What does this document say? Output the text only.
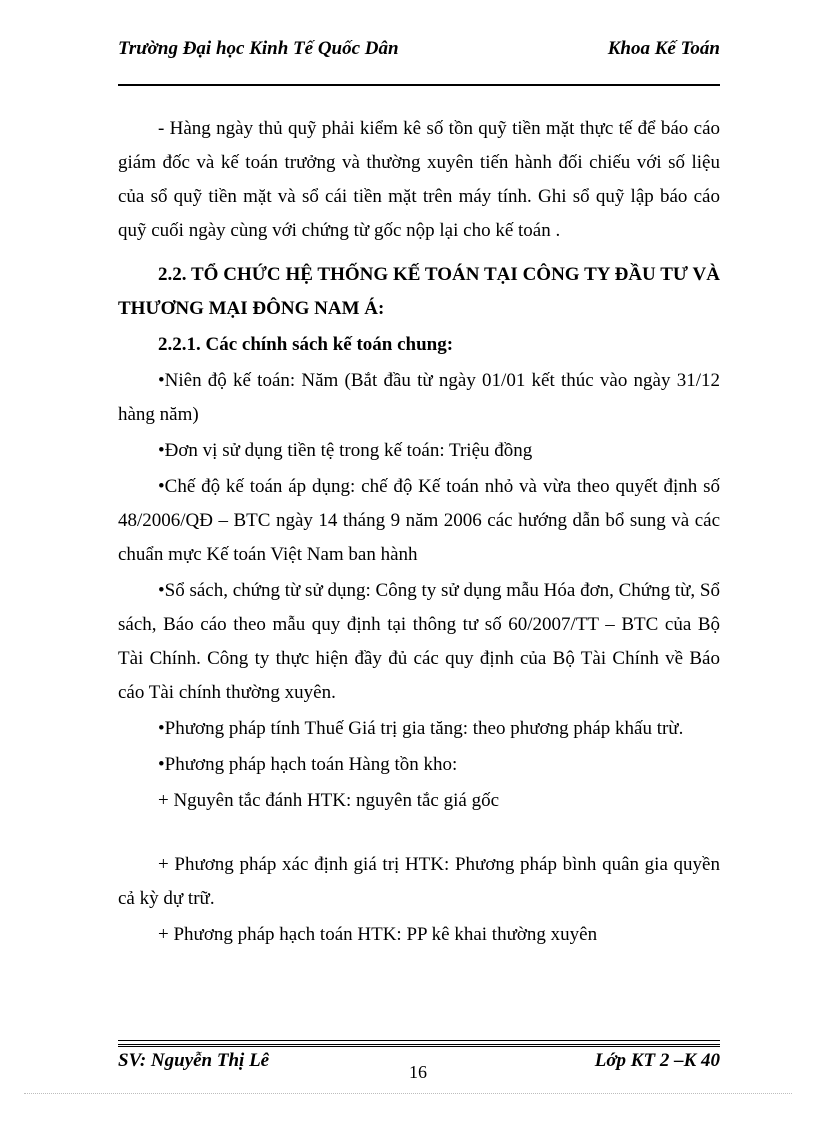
Trường Đại học Kinh Tế Quốc Dân	Khoa Kế Toán

- Hàng ngày thủ quỹ phải kiểm kê số tồn quỹ tiền mặt thực tế để báo cáo giám đốc và kế toán trưởng và thường xuyên tiến hành đối chiếu với số liệu của sổ quỹ tiền mặt và sổ cái tiền mặt trên máy tính. Ghi sổ quỹ lập báo cáo quỹ cuối ngày cùng với chứng từ gốc nộp lại cho kế toán .

2.2. TỔ CHỨC HỆ THỐNG KẾ TOÁN TẠI CÔNG TY ĐẦU TƯ VÀ THƯƠNG MẠI ĐÔNG NAM Á:

2.2.1. Các chính sách kế toán chung:

•Niên độ kế toán: Năm (Bắt đầu từ ngày 01/01 kết thúc vào ngày 31/12 hàng năm)

•Đơn vị sử dụng tiền tệ trong kế toán: Triệu đồng

•Chế độ kế toán áp dụng: chế độ Kế toán nhỏ và vừa theo quyết định số 48/2006/QĐ – BTC ngày 14 tháng 9 năm 2006 các hướng dẫn bổ sung và các chuẩn mực Kế toán Việt Nam ban hành

•Sổ sách, chứng từ sử dụng: Công ty sử dụng mẫu Hóa đơn, Chứng từ, Sổ sách, Báo cáo theo mẫu quy định tại thông tư số 60/2007/TT – BTC của Bộ Tài Chính. Công ty thực hiện đầy đủ các quy định của Bộ Tài Chính về Báo cáo Tài chính thường xuyên.

•Phương pháp tính Thuế Giá trị gia tăng: theo phương pháp khấu trừ.

•Phương pháp hạch toán Hàng tồn kho:

+ Nguyên tắc đánh HTK: nguyên tắc giá gốc

+ Phương pháp xác định giá trị HTK: Phương pháp bình quân gia quyền cả kỳ dự trữ.

+ Phương pháp hạch toán HTK: PP kê khai thường xuyên

SV: Nguyễn Thị Lê	Lớp KT 2 –K 40
16
